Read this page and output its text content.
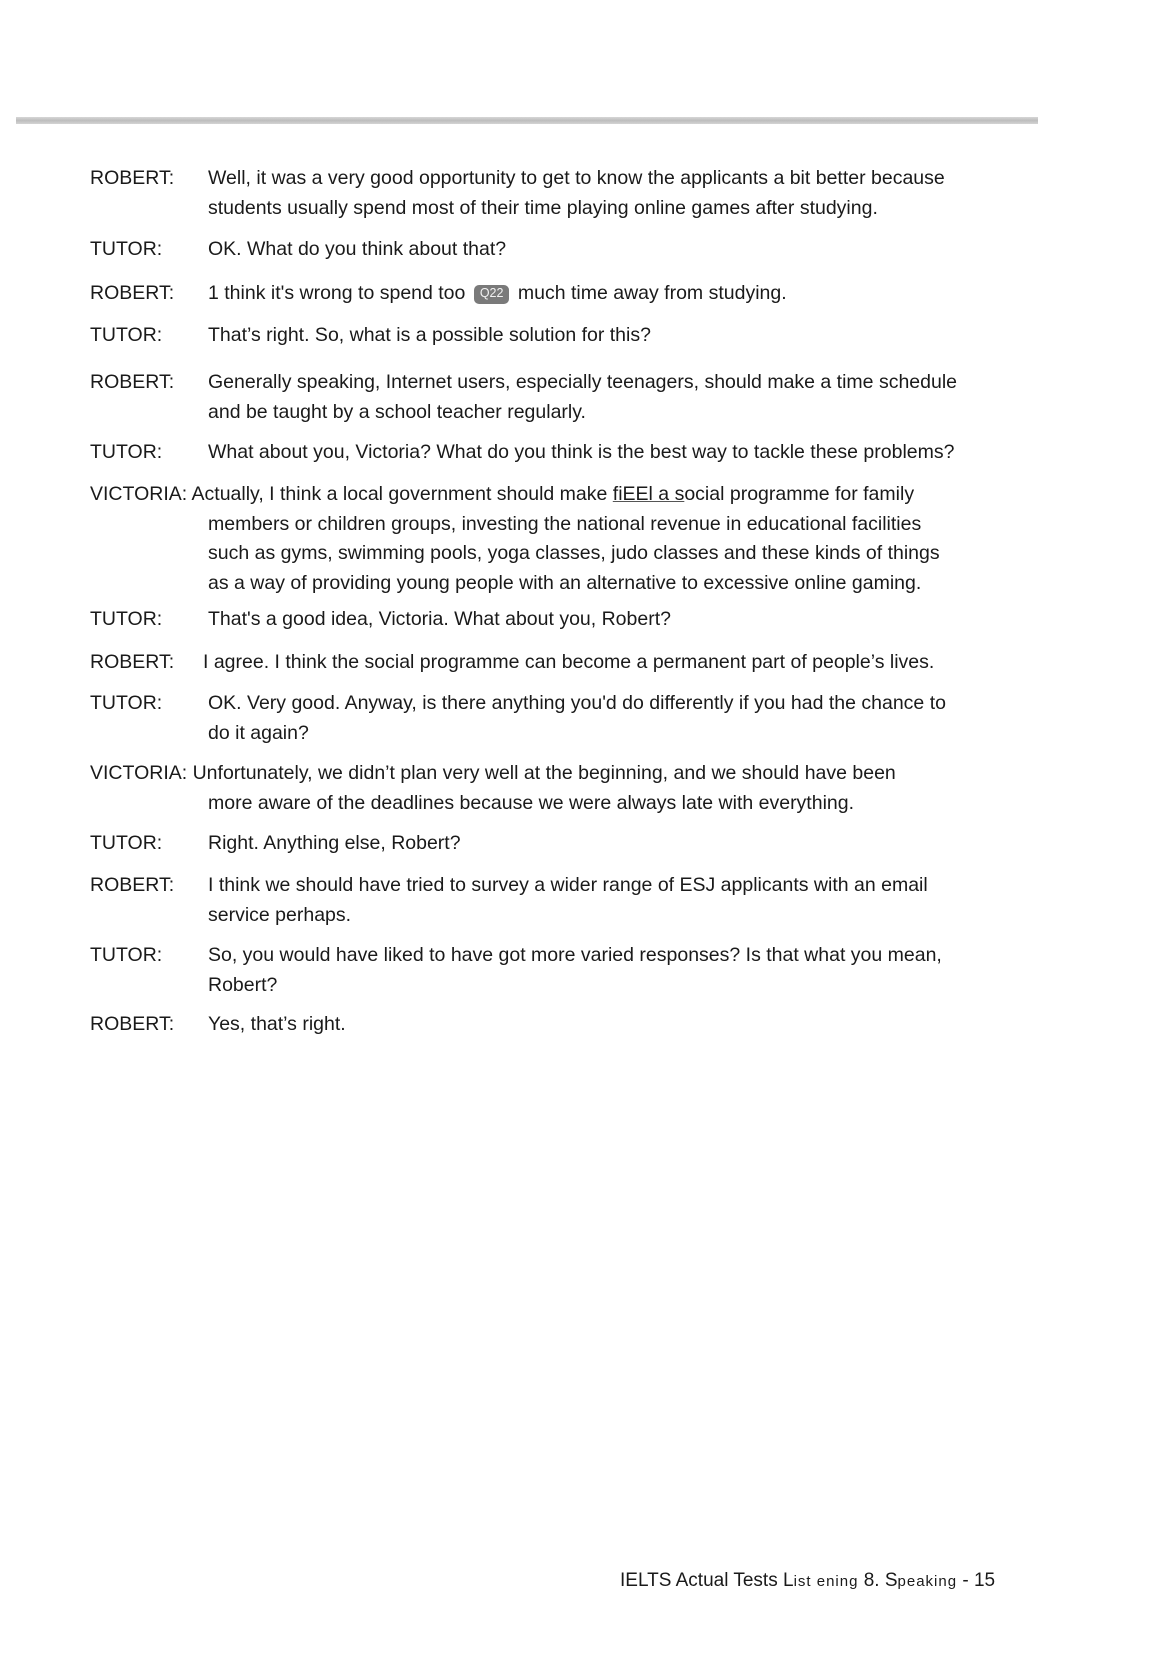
ROBERT: Well, it was a very good opportunity to get to know the applicants a bit better because
students usually spend most of their time playing online games after studying.
TUTOR: OK. What do you think about that?
ROBERT: 1 think it's wrong to spend too Q22 much time away from studying.
TUTOR: That’s right. So, what is a possible solution for this?
ROBERT: Generally speaking, Internet users, especially teenagers, should make a time schedule
and be taught by a school teacher regularly.
TUTOR: What about you, Victoria? What do you think is the best way to tackle these problems?
VICTORIA: Actually, I think a local government should make fiEEl a social programme for family
members or children groups, investing the national revenue in educational facilities
such as gyms, swimming pools, yoga classes, judo classes and these kinds of things
as a way of providing young people with an alternative to excessive online gaming.
TUTOR: That's a good idea, Victoria. What about you, Robert?
ROBERT: I agree. I think the social programme can become a permanent part of people’s lives.
TUTOR: OK. Very good. Anyway, is there anything you'd do differently if you had the chance to
do it again?
VICTORIA: Unfortunately, we didn’t plan very well at the beginning, and we should have been
more aware of the deadlines because we were always late with everything.
TUTOR: Right. Anything else, Robert?
ROBERT: I think we should have tried to survey a wider range of ESJ applicants with an email
service perhaps.
TUTOR: So, you would have liked to have got more varied responses? Is that what you mean,
Robert?
ROBERT: Yes, that’s right.
IELTS Actual Tests List ening 8. Speaking - 15
